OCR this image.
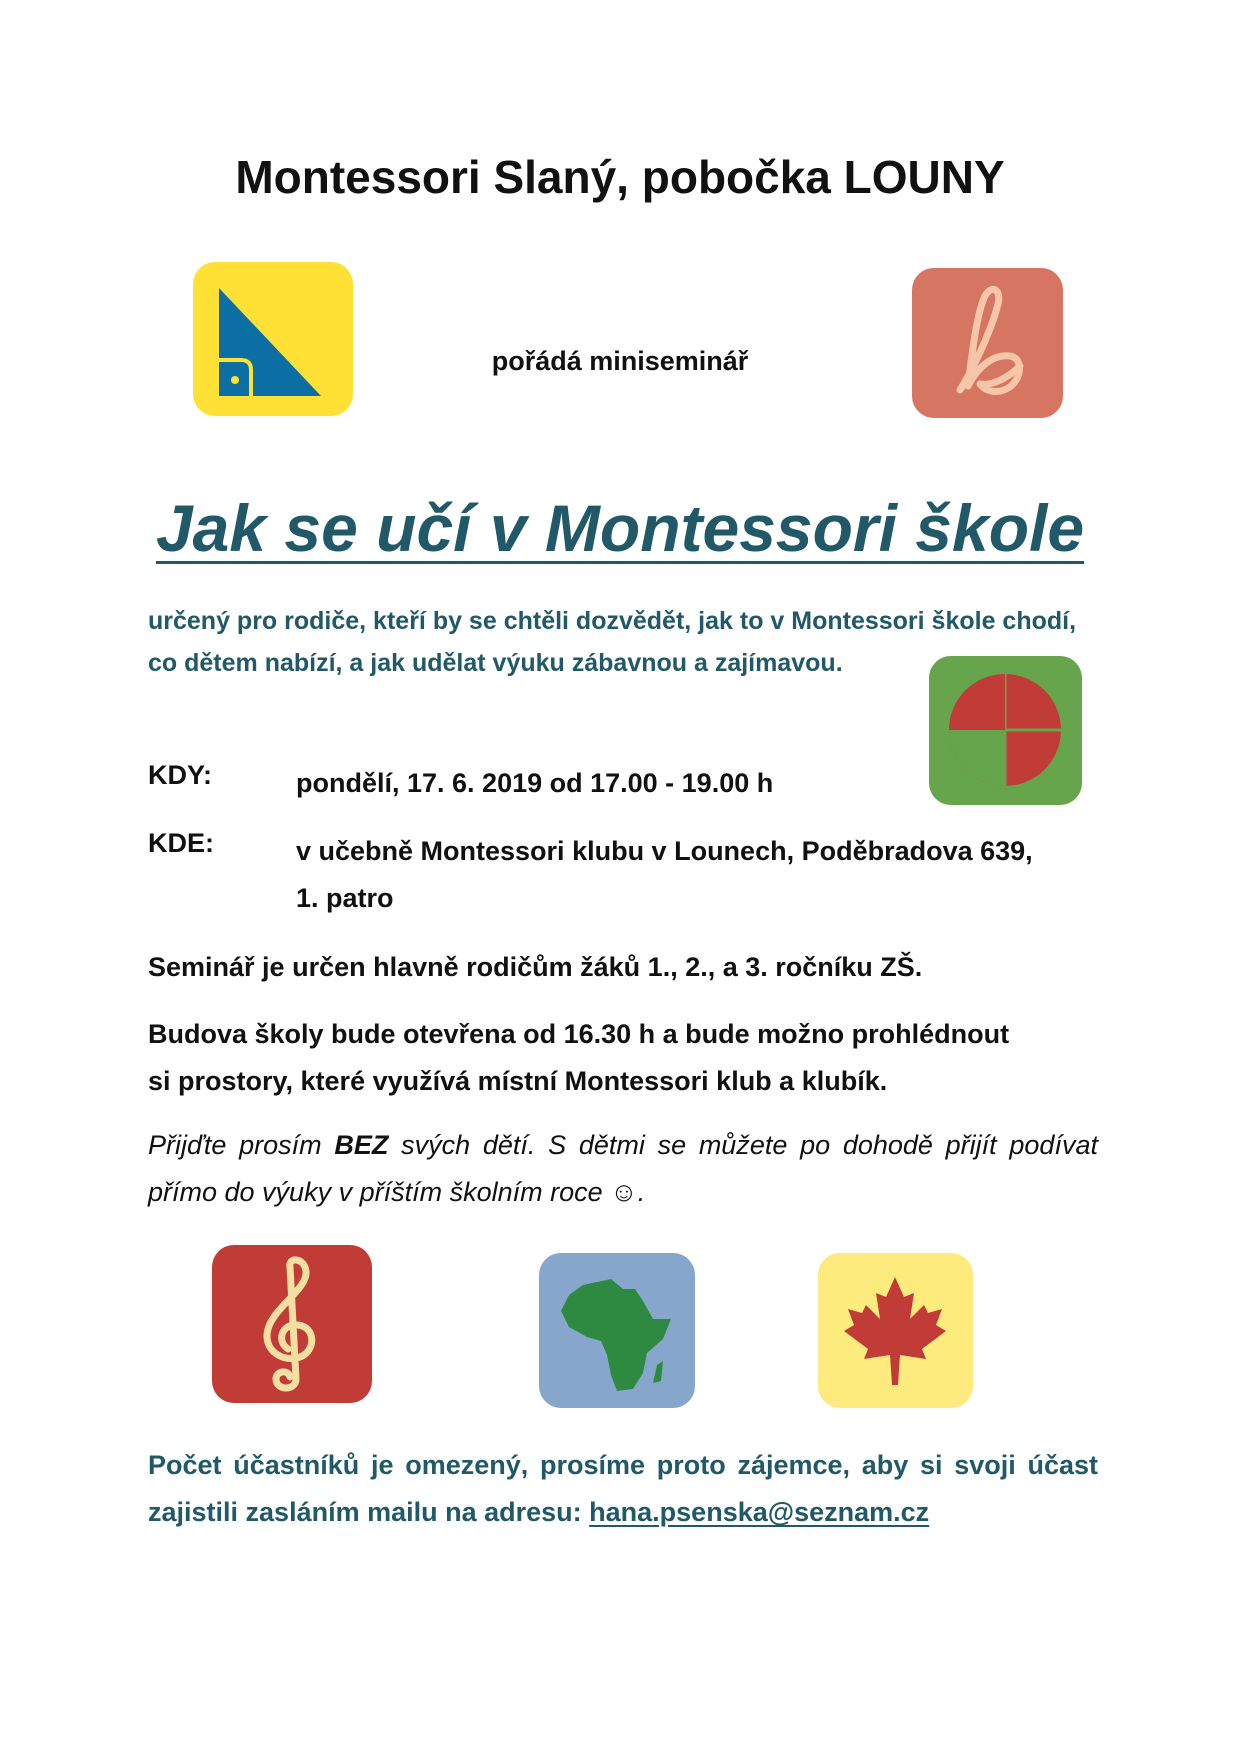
Montessori Slaný, pobočka LOUNY
pořádá miniseminář
Jak se učí v Montessori škole
určený pro rodiče, kteří by se chtěli dozvědět, jak to v Montessori škole chodí,
co dětem nabízí, a jak udělat výuku zábavnou a zajímavou.
KDY:	pondělí, 17. 6. 2019 od 17.00 - 19.00 h
KDE:	v učebně Montessori klubu v Lounech, Poděbradova 639,
1. patro
Seminář je určen hlavně rodičům žáků 1., 2., a 3. ročníku ZŠ.
Budova školy bude otevřena od 16.30 h a bude možno prohlédnout
si prostory, které využívá místní Montessori klub a klubík.
Přijďte prosím BEZ svých dětí. S dětmi se můžete po dohodě přijít podívat přímo do výuky v příštím školním roce ☺.
Počet účastníků je omezený, prosíme proto zájemce, aby si svoji účast zajistili zasláním mailu na adresu: hana.psenska@seznam.cz
